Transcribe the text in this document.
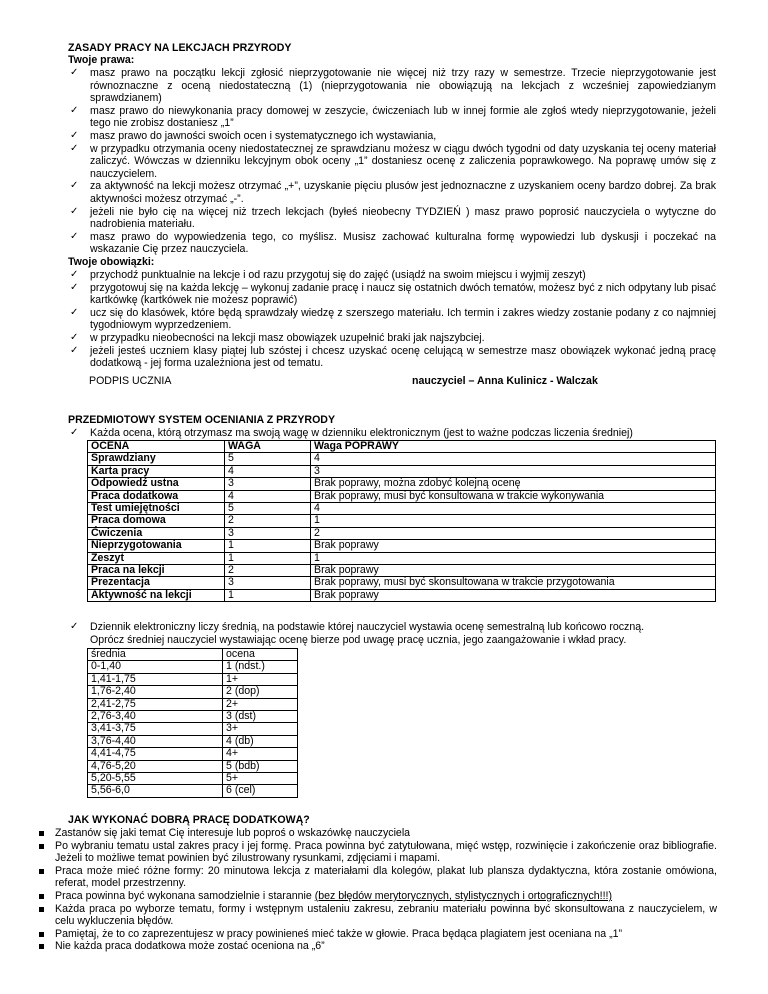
ZASADY PRACY NA LEKCJACH PRZYRODY
Twoje prawa:
✓ masz prawo na początku lekcji zgłosić nieprzygotowanie nie więcej niż trzy razy w semestrze. Trzecie nieprzygotowanie jest równoznaczne z oceną niedostateczną (1) (nieprzygotowania nie obowiązują na lekcjach z wcześniej zapowiedzianym sprawdzianem)
✓ masz prawo do niewykonania pracy domowej w zeszycie, ćwiczeniach lub w innej formie ale zgłoś wtedy nieprzygotowanie, jeżeli tego nie zrobisz dostaniesz „1”
✓ masz prawo do jawności swoich ocen i systematycznego ich wystawiania,
✓ w przypadku otrzymania oceny niedostatecznej ze sprawdzianu możesz w ciągu dwóch tygodni od daty uzyskania tej oceny materiał zaliczyć. Wówczas w dzienniku lekcyjnym obok oceny „1” dostaniesz ocenę z zaliczenia poprawkowego. Na poprawę umów się z nauczycielem.
✓ za aktywność na lekcji możesz otrzymać „+”, uzyskanie pięciu plusów jest jednoznaczne z uzyskaniem oceny bardzo dobrej. Za brak aktywności możesz otrzymać „-”.
✓ jeżeli nie było cię na więcej niż trzech lekcjach (byłeś nieobecny TYDZIEŃ ) masz prawo poprosić nauczyciela o wytyczne do nadrobienia materiału.
✓ masz prawo do wypowiedzenia tego, co myślisz. Musisz zachować kulturalna formę wypowiedzi lub dyskusji i poczekać na wskazanie Cię przez nauczyciela.
Twoje obowiązki:
✓ przychodź punktualnie na lekcje i od razu przygotuj się do zajęć (usiądź na swoim miejscu i wyjmij zeszyt)
✓ przygotowuj się na każda lekcję – wykonuj zadanie pracę i naucz się ostatnich dwóch tematów, możesz być z nich odpytany lub pisać kartkówkę (kartkówek nie możesz poprawić)
✓ ucz się do klasówek, które będą sprawdzały wiedzę z szerszego materiału. Ich termin i zakres wiedzy zostanie podany z co najmniej tygodniowym wyprzedzeniem.
✓ w przypadku nieobecności na lekcji masz obowiązek uzupełnić braki jak najszybciej.
✓ jeżeli jesteś uczniem klasy piątej lub szóstej i chcesz uzyskać ocenę celującą w semestrze masz obowiązek wykonać jedną pracę dodatkową - jej forma uzależniona jest od tematu.
PODPIS UCZNIA	nauczyciel – Anna Kulinicz - Walczak
PRZEDMIOTOWY SYSTEM OCENIANIA Z PRZYRODY
✓ Każda ocena, którą otrzymasz ma swoją wagę w dzienniku elektronicznym (jest to ważne podczas liczenia średniej)
OCENA	WAGA	Waga POPRAWY
Sprawdziany	5	4
Karta pracy	4	3
Odpowiedź ustna	3	Brak poprawy, można zdobyć kolejną ocenę
Praca dodatkowa	4	Brak poprawy, musi być konsultowana w trakcie wykonywania
Test umiejętności	5	4
Praca domowa	2	1
Ćwiczenia	3	2
Nieprzygotowania	1	Brak poprawy
Zeszyt	1	1
Praca na lekcji	2	Brak poprawy
Prezentacja	3	Brak poprawy, musi być skonsultowana w trakcie przygotowania
Aktywność na lekcji	1	Brak poprawy
✓ Dziennik elektroniczny liczy średnią, na podstawie której nauczyciel wystawia ocenę semestralną lub końcowo roczną.
Oprócz średniej nauczyciel wystawiając ocenę bierze pod uwagę pracę ucznia, jego zaangażowanie i wkład pracy.
średnia	ocena
0-1,40	1 (ndst.)
1,41-1,75	1+
1,76-2,40	2 (dop)
2,41-2,75	2+
2,76-3,40	3 (dst)
3,41-3,75	3+
3,76-4,40	4 (db)
4,41-4,75	4+
4,76-5,20	5 (bdb)
5,20-5,55	5+
5,56-6,0	6 (cel)
JAK WYKONAĆ DOBRĄ PRACĘ DODATKOWĄ?
Zastanów się jaki temat Cię interesuje lub poproś o wskazówkę nauczyciela
Po wybraniu tematu ustal zakres pracy i jej formę. Praca powinna być zatytułowana, mięć wstęp, rozwinięcie i zakończenie oraz bibliografie. Jeżeli to możliwe temat powinien być zilustrowany rysunkami, zdjęciami i mapami.
Praca może mieć różne formy: 20 minutowa lekcja z materiałami dla kolegów, plakat lub plansza dydaktyczna, która zostanie omówiona, referat, model przestrzenny.
Praca powinna być wykonana samodzielnie i starannie (bez błędów merytorycznych, stylistycznych i ortograficznych!!!)
Każda praca po wyborze tematu, formy i wstępnym ustaleniu zakresu, zebraniu materiału powinna być skonsultowana z nauczycielem, w celu wykluczenia błędów.
Pamiętaj, że to co zaprezentujesz w pracy powinieneś mieć także w głowie. Praca będąca plagiatem jest oceniana na „1”
Nie każda praca dodatkowa może zostać oceniona na „6”
